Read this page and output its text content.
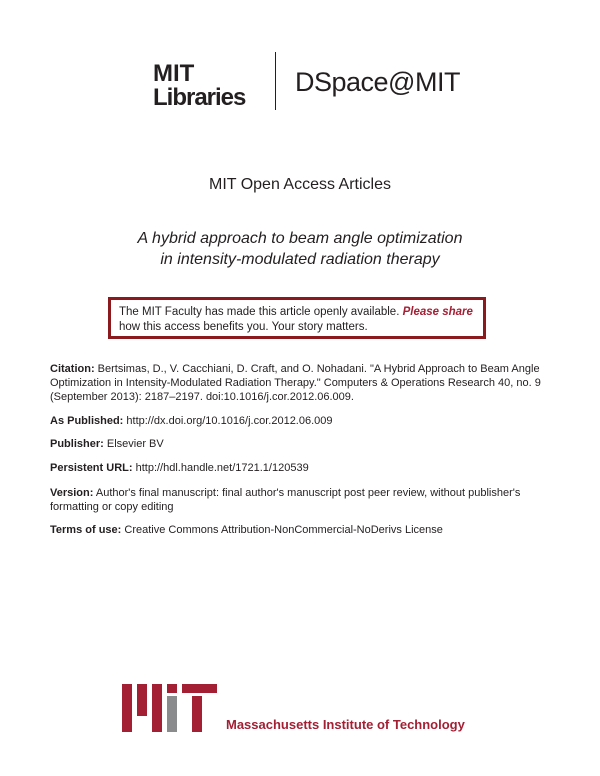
MIT
Libraries
DSpace@MIT
MIT Open Access Articles
A hybrid approach to beam angle optimization
in intensity-modulated radiation therapy
The MIT Faculty has made this article openly available. Please share
how this access benefits you. Your story matters.
Citation: Bertsimas, D., V. Cacchiani, D. Craft, and O. Nohadani. "A Hybrid Approach to Beam Angle Optimization in Intensity-Modulated Radiation Therapy." Computers & Operations Research 40, no. 9 (September 2013): 2187–2197. doi:10.1016/j.cor.2012.06.009.
As Published: http://dx.doi.org/10.1016/j.cor.2012.06.009
Publisher: Elsevier BV
Persistent URL: http://hdl.handle.net/1721.1/120539
Version: Author's final manuscript: final author's manuscript post peer review, without publisher's formatting or copy editing
Terms of use: Creative Commons Attribution-NonCommercial-NoDerivs License
Massachusetts Institute of Technology
